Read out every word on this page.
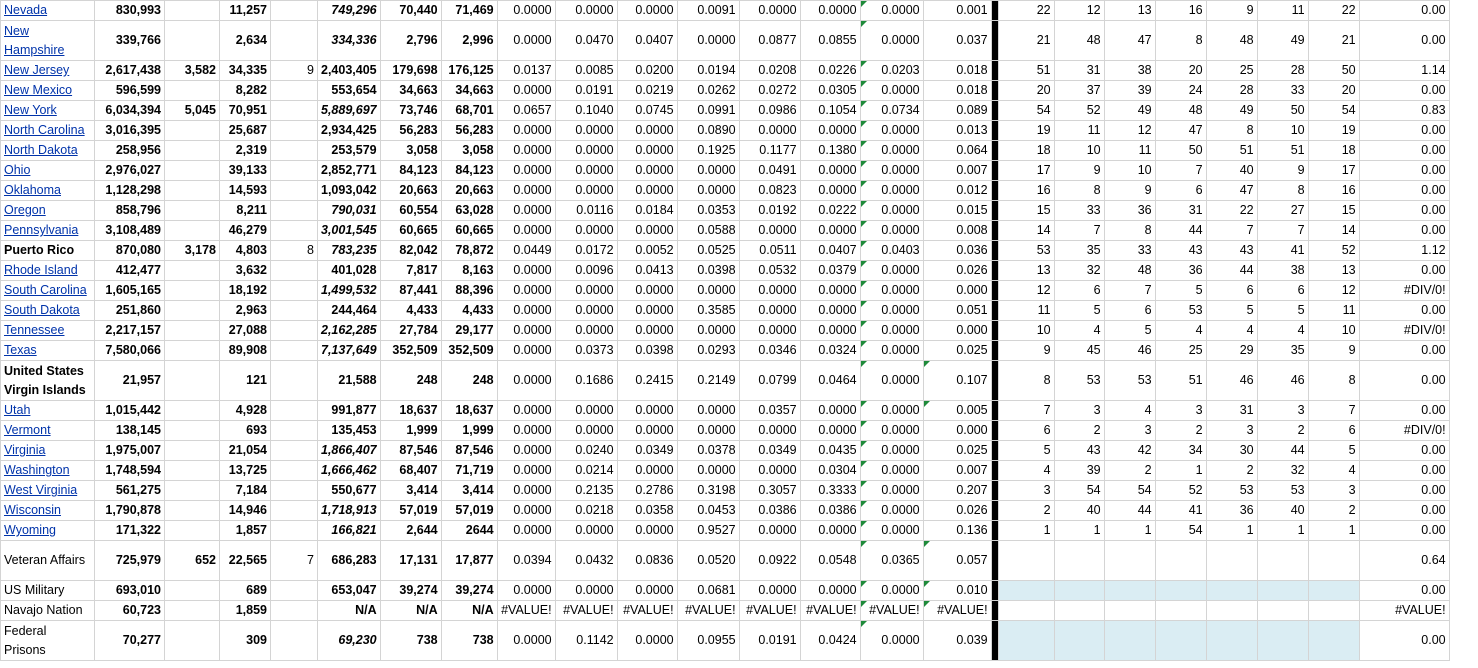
Nevada	830,993		11,257		749,296	70,440	71,469	0.0000	0.0000	0.0000	0.0091	0.0000	0.0000	0.0000	0.001		22	12	13	16	9	11	22	0.00
New Hampshire	339,766		2,634		334,336	2,796	2,996	0.0000	0.0470	0.0407	0.0000	0.0877	0.0855	0.0000	0.037		21	48	47	8	48	49	21	0.00
New Jersey	2,617,438	3,582	34,335	9	2,403,405	179,698	176,125	0.0137	0.0085	0.0200	0.0194	0.0208	0.0226	0.0203	0.018		51	31	38	20	25	28	50	1.14
New Mexico	596,599		8,282		553,654	34,663	34,663	0.0000	0.0191	0.0219	0.0262	0.0272	0.0305	0.0000	0.018		20	37	39	24	28	33	20	0.00
New York	6,034,394	5,045	70,951		5,889,697	73,746	68,701	0.0657	0.1040	0.0745	0.0991	0.0986	0.1054	0.0734	0.089		54	52	49	48	49	50	54	0.83
North Carolina	3,016,395		25,687		2,934,425	56,283	56,283	0.0000	0.0000	0.0000	0.0890	0.0000	0.0000	0.0000	0.013		19	11	12	47	8	10	19	0.00
North Dakota	258,956		2,319		253,579	3,058	3,058	0.0000	0.0000	0.0000	0.1925	0.1177	0.1380	0.0000	0.064		18	10	11	50	51	51	18	0.00
Ohio	2,976,027		39,133		2,852,771	84,123	84,123	0.0000	0.0000	0.0000	0.0000	0.0491	0.0000	0.0000	0.007		17	9	10	7	40	9	17	0.00
Oklahoma	1,128,298		14,593		1,093,042	20,663	20,663	0.0000	0.0000	0.0000	0.0000	0.0823	0.0000	0.0000	0.012		16	8	9	6	47	8	16	0.00
Oregon	858,796		8,211		790,031	60,554	63,028	0.0000	0.0116	0.0184	0.0353	0.0192	0.0222	0.0000	0.015		15	33	36	31	22	27	15	0.00
Pennsylvania	3,108,489		46,279		3,001,545	60,665	60,665	0.0000	0.0000	0.0000	0.0588	0.0000	0.0000	0.0000	0.008		14	7	8	44	7	7	14	0.00
Puerto Rico	870,080	3,178	4,803	8	783,235	82,042	78,872	0.0449	0.0172	0.0052	0.0525	0.0511	0.0407	0.0403	0.036		53	35	33	43	43	41	52	1.12
Rhode Island	412,477		3,632		401,028	7,817	8,163	0.0000	0.0096	0.0413	0.0398	0.0532	0.0379	0.0000	0.026		13	32	48	36	44	38	13	0.00
South Carolina	1,605,165		18,192		1,499,532	87,441	88,396	0.0000	0.0000	0.0000	0.0000	0.0000	0.0000	0.0000	0.000		12	6	7	5	6	6	12	#DIV/0!
South Dakota	251,860		2,963		244,464	4,433	4,433	0.0000	0.0000	0.0000	0.3585	0.0000	0.0000	0.0000	0.051		11	5	6	53	5	5	11	0.00
Tennessee	2,217,157		27,088		2,162,285	27,784	29,177	0.0000	0.0000	0.0000	0.0000	0.0000	0.0000	0.0000	0.000		10	4	5	4	4	4	10	#DIV/0!
Texas	7,580,066		89,908		7,137,649	352,509	352,509	0.0000	0.0373	0.0398	0.0293	0.0346	0.0324	0.0000	0.025		9	45	46	25	29	35	9	0.00
United States Virgin Islands	21,957		121		21,588	248	248	0.0000	0.1686	0.2415	0.2149	0.0799	0.0464	0.0000	0.107		8	53	53	51	46	46	8	0.00
Utah	1,015,442		4,928		991,877	18,637	18,637	0.0000	0.0000	0.0000	0.0000	0.0357	0.0000	0.0000	0.005		7	3	4	3	31	3	7	0.00
Vermont	138,145		693		135,453	1,999	1,999	0.0000	0.0000	0.0000	0.0000	0.0000	0.0000	0.0000	0.000		6	2	3	2	3	2	6	#DIV/0!
Virginia	1,975,007		21,054		1,866,407	87,546	87,546	0.0000	0.0240	0.0349	0.0378	0.0349	0.0435	0.0000	0.025		5	43	42	34	30	44	5	0.00
Washington	1,748,594		13,725		1,666,462	68,407	71,719	0.0000	0.0214	0.0000	0.0000	0.0000	0.0304	0.0000	0.007		4	39	2	1	2	32	4	0.00
West Virginia	561,275		7,184		550,677	3,414	3,414	0.0000	0.2135	0.2786	0.3198	0.3057	0.3333	0.0000	0.207		3	54	54	52	53	53	3	0.00
Wisconsin	1,790,878		14,946		1,718,913	57,019	57,019	0.0000	0.0218	0.0358	0.0453	0.0386	0.0386	0.0000	0.026		2	40	44	41	36	40	2	0.00
Wyoming	171,322		1,857		166,821	2,644	2644	0.0000	0.0000	0.0000	0.9527	0.0000	0.0000	0.0000	0.136		1	1	1	54	1	1	1	0.00
Veteran Affairs	725,979	652	22,565	7	686,283	17,131	17,877	0.0394	0.0432	0.0836	0.0520	0.0922	0.0548	0.0365	0.057									0.64
US Military	693,010		689		653,047	39,274	39,274	0.0000	0.0000	0.0000	0.0681	0.0000	0.0000	0.0000	0.010									0.00
Navajo Nation	60,723		1,859		N/A	N/A	N/A	#VALUE!	#VALUE!	#VALUE!	#VALUE!	#VALUE!	#VALUE!	#VALUE!	#VALUE!									#VALUE!
Federal Prisons	70,277		309		69,230	738	738	0.0000	0.1142	0.0000	0.0955	0.0191	0.0424	0.0000	0.039									0.00
